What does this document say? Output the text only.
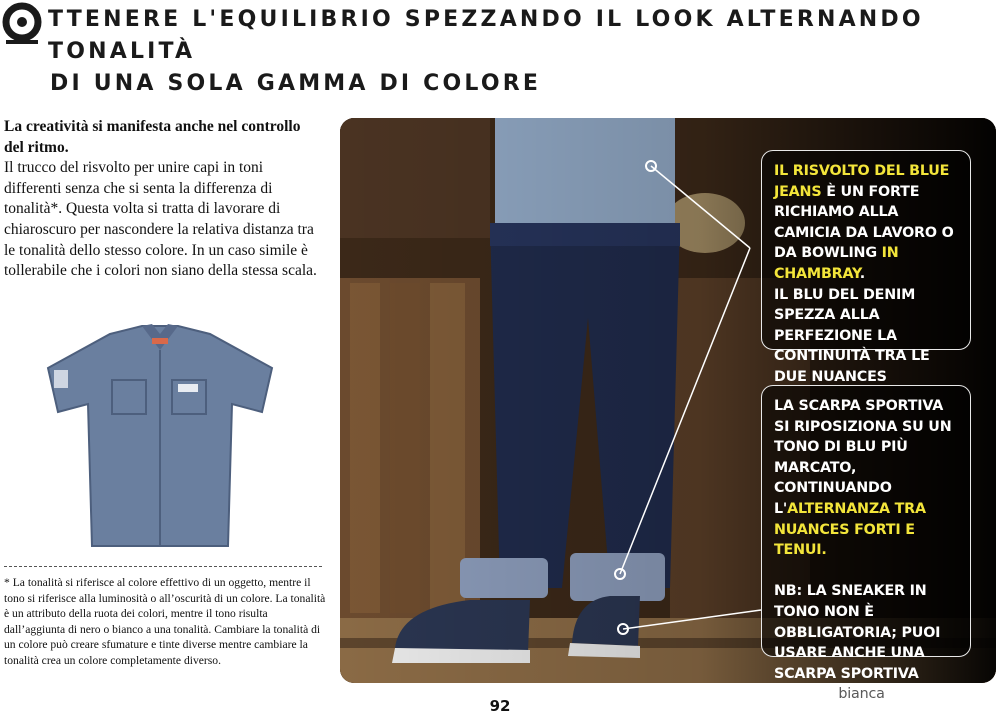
TTENERE L'EQUILIBRIO SPEZZANDO IL LOOK ALTERNANDO TONALITÀ
DI UNA SOLA GAMMA DI COLORE
La creatività si manifesta anche nel controllo del ritmo.
Il trucco del risvolto per unire capi in toni differenti senza che si senta la differenza di tonalità*. Questa volta si tratta di lavorare di chiaroscuro per nascondere la relativa distanza tra le tonalità dello stesso colore. In un caso simile è tollerabile che i colori non siano della stessa scala.
* La tonalità si riferisce al colore effettivo di un oggetto, mentre il tono si riferisce alla luminosità o all’oscurità di un colore. La tonalità è un attributo della ruota dei colori, mentre il tono risulta dall’aggiunta di nero o bianco a una tonalità. Cambiare la tonalità di un colore può creare sfumature e tinte diverse mentre cambiare la tonalità crea un colore completamente diverso.
IL RISVOLTO DEL BLUE JEANS È UN FORTE RICHIAMO ALLA CAMICIA DA LAVORO O DA BOWLING IN CHAMBRAY.
IL BLU DEL DENIM SPEZZA ALLA PERFEZIONE LA CONTINUITÀ TRA LE DUE NUANCES
LA SCARPA SPORTIVA SI RIPOSIZIONA SU UN TONO DI BLU PIÙ MARCATO, CONTINUANDO L'ALTERNANZA TRA NUANCES FORTI E TENUI.

NB: LA SNEAKER IN TONO NON È OBBLIGATORIA; PUOI USARE ANCHE UNA SCARPA SPORTIVA BIANCA bianca
92
